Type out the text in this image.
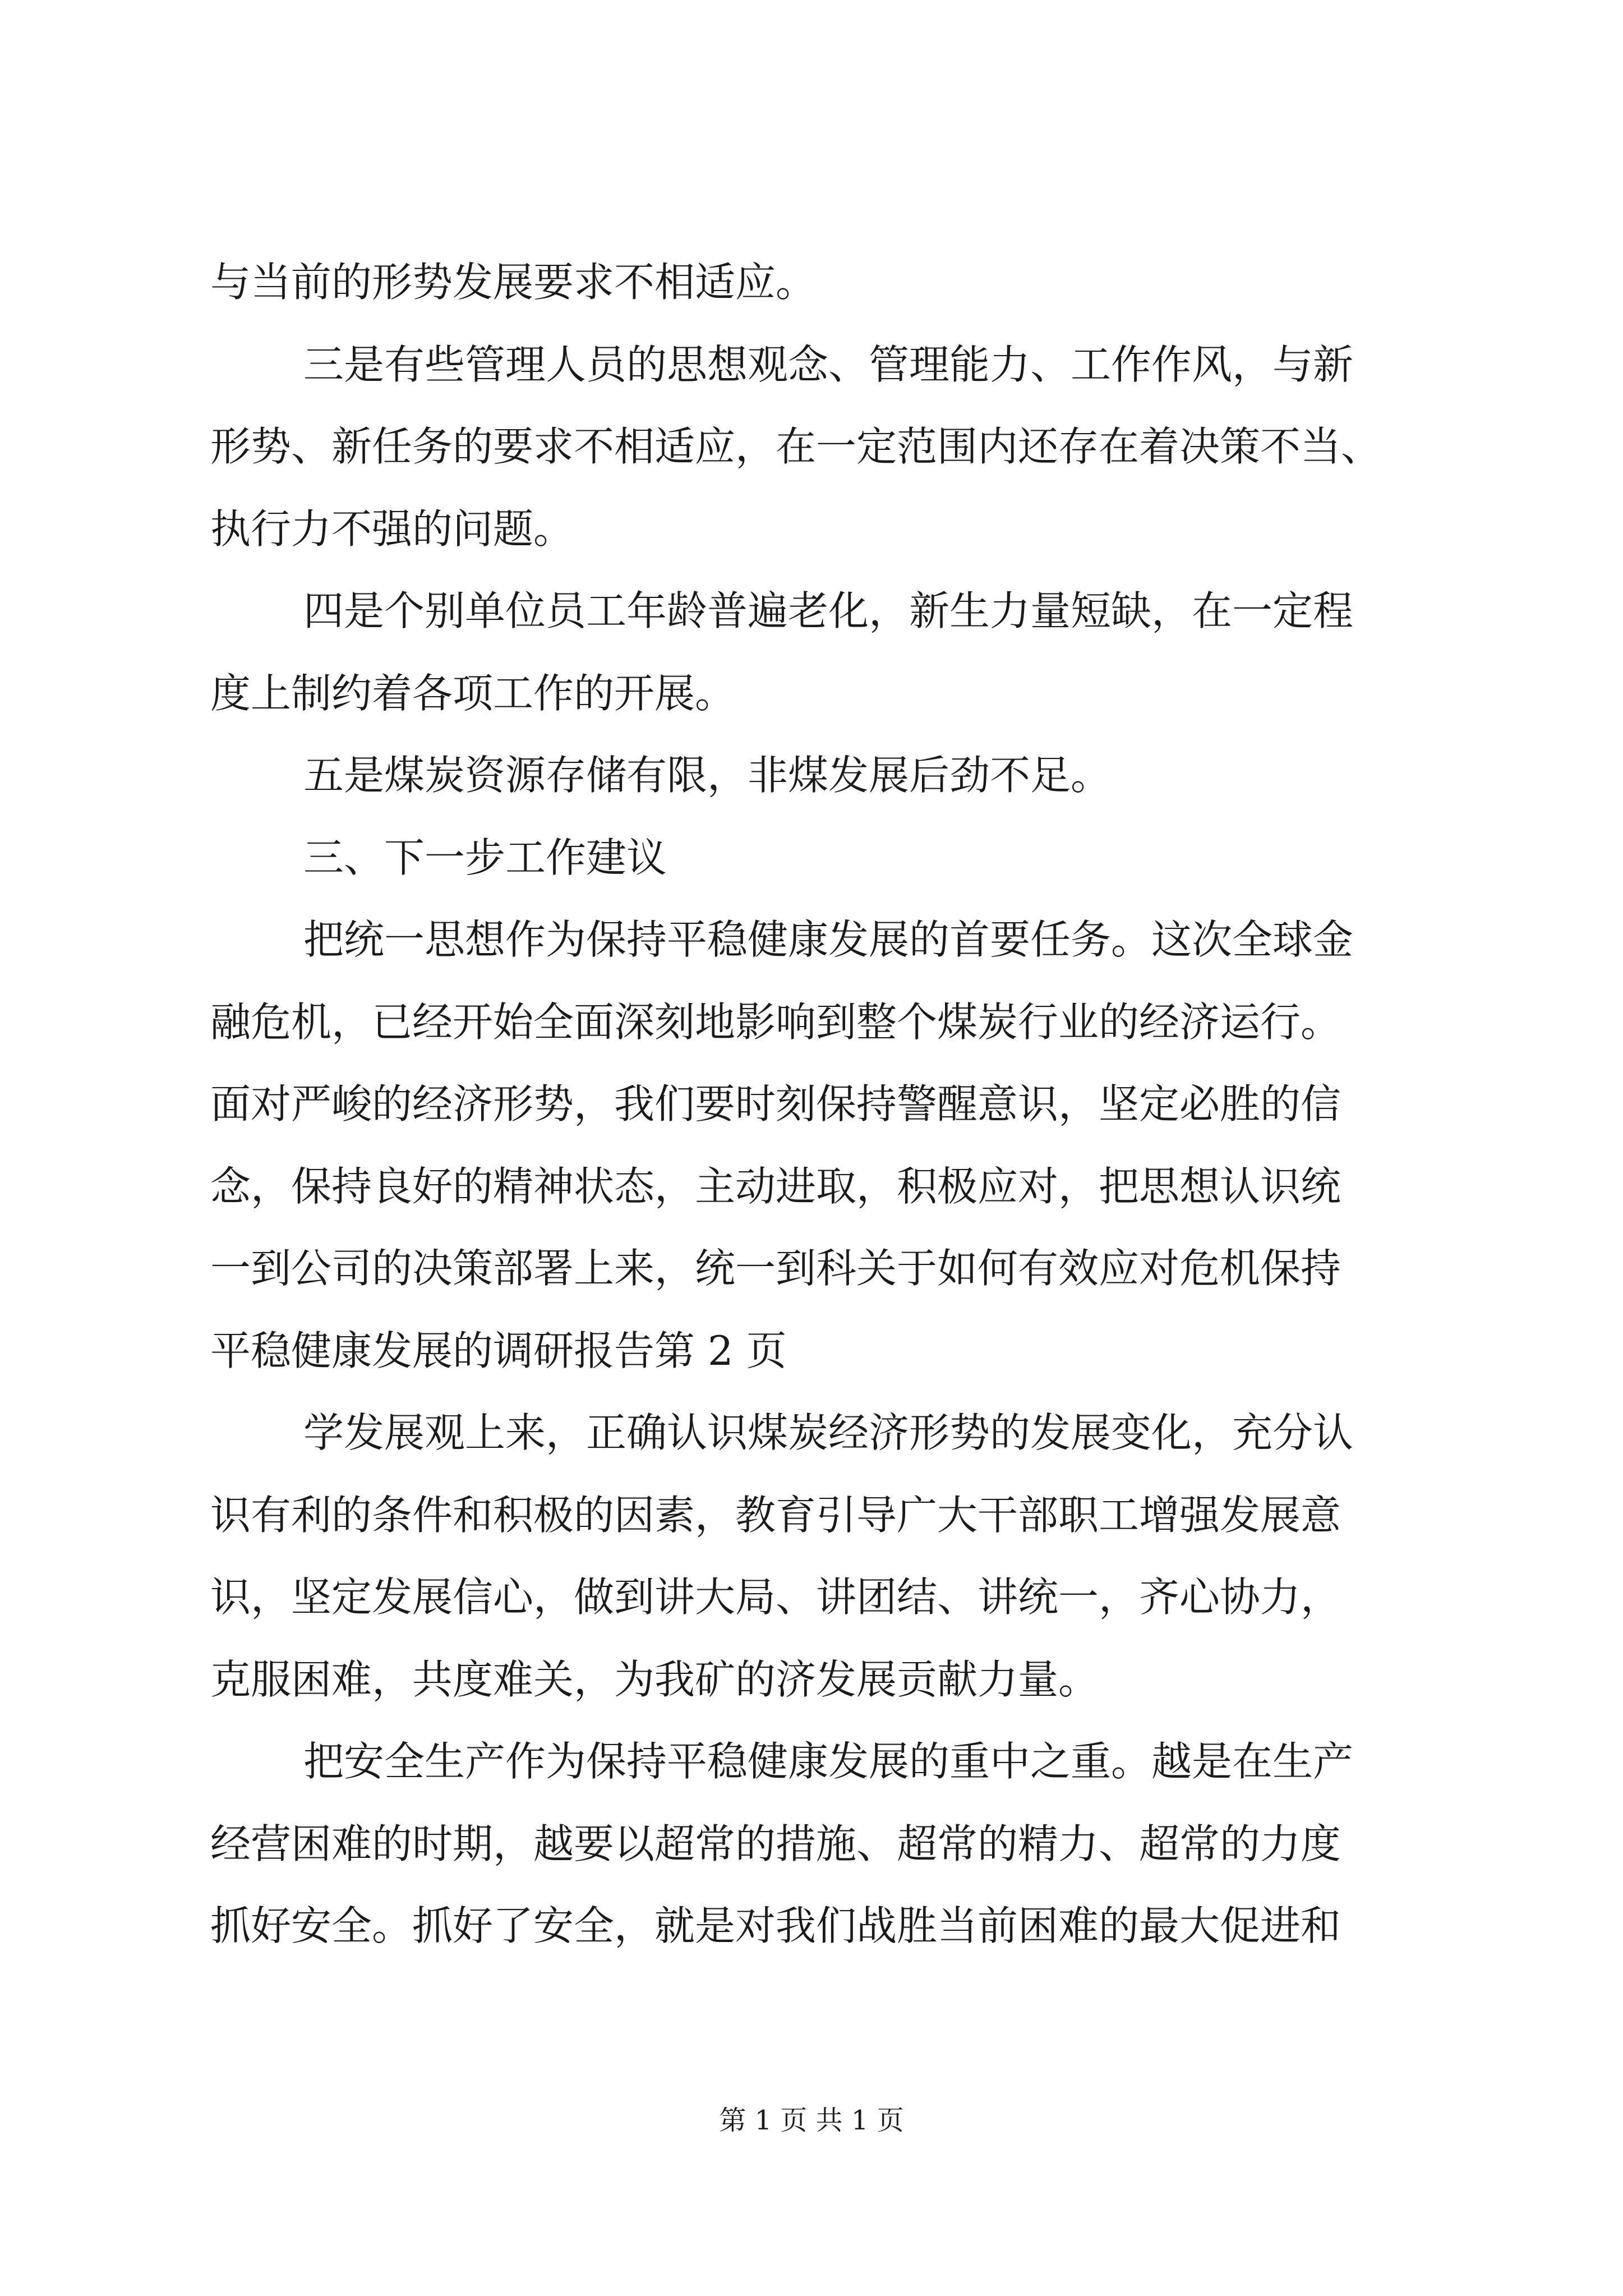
与当前的形势发展要求不相适应。
三是有些管理人员的思想观念、管理能力、工作作风，与新
形势、新任务的要求不相适应，在一定范围内还存在着决策不当、
执行力不强的问题。
四是个别单位员工年龄普遍老化，新生力量短缺，在一定程
度上制约着各项工作的开展。
五是煤炭资源存储有限，非煤发展后劲不足。
三、下一步工作建议
把统一思想作为保持平稳健康发展的首要任务。这次全球金
融危机，已经开始全面深刻地影响到整个煤炭行业的经济运行。
面对严峻的经济形势，我们要时刻保持警醒意识，坚定必胜的信
念，保持良好的精神状态，主动进取，积极应对，把思想认识统
一到公司的决策部署上来，统一到科关于如何有效应对危机保持
平稳健康发展的调研报告第 2 页
学发展观上来，正确认识煤炭经济形势的发展变化，充分认
识有利的条件和积极的因素，教育引导广大干部职工增强发展意
识，坚定发展信心，做到讲大局、讲团结、讲统一，齐心协力，
克服困难，共度难关，为我矿的济发展贡献力量。
把安全生产作为保持平稳健康发展的重中之重。越是在生产
经营困难的时期，越要以超常的措施、超常的精力、超常的力度
抓好安全。抓好了安全，就是对我们战胜当前困难的最大促进和
第 1 页 共 1 页
